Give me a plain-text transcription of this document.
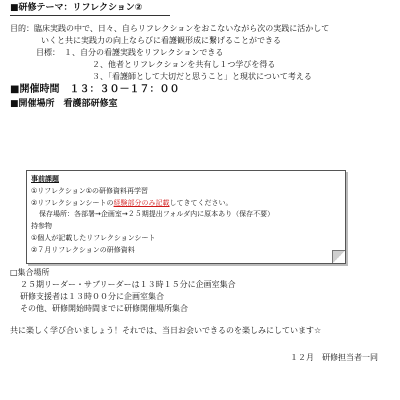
■研修テーマ：リフレクション②
目的：臨床実践の中で、日々、自らリフレクションをおこないながら次の実践に活かして
いくと共に実践力の向上ならびに看護観形成に繋げることができる
目標：　１、自分の看護実践をリフレクションできる
２、他者とリフレクションを共有し１つ学びを得る
３、「看護師として大切だと思うこと」と現状について考える
■開催時間　１３：３０－１７：００
■開催場所　看護部研修室
事前課題
①リフレクション①の研修資料再学習
②リフレクションシートの経験部分のみ記載してきてください。
保存場所：各部署→企画室→２５期提出フォルダ内に原本あり（保存不要）
持参物
①個人が記載したリフレクションシート
②７月リフレクションの研修資料
□集合場所
２５期リーダー・サブリーダーは１３時１５分に企画室集合
研修支援者は１３時００分に企画室集合
その他、研修開始時間までに研修開催場所集合
共に楽しく学び合いましょう！それでは、当日お会いできるのを楽しみにしています☆
１２月　研修担当者一同
